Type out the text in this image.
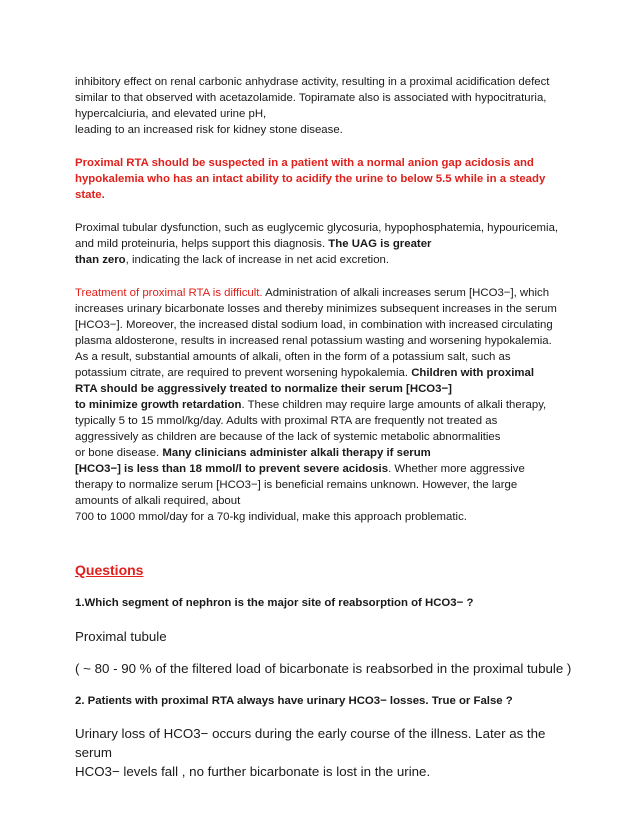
inhibitory effect on renal carbonic anhydrase activity, resulting in a proximal acidification defect

similar to that observed with acetazolamide. Topiramate also is associated with hypocitraturia,

hypercalciuria, and elevated urine pH,

leading to an increased risk for kidney stone disease.

Proximal RTA should be suspected in a patient with a normal anion gap acidosis and

hypokalemia who has an intact ability to acidify the urine to below 5.5 while in a steady

state.

Proximal tubular dysfunction, such as euglycemic glycosuria, hypophosphatemia, hypouricemia,

and mild proteinuria, helps support this diagnosis. The UAG is greater

than zero, indicating the lack of increase in net acid excretion.

Treatment of proximal RTA is difficult. Administration of alkali increases serum [HCO3−], which

increases urinary bicarbonate losses and thereby minimizes subsequent increases in the serum

[HCO3−]. Moreover, the increased distal sodium load, in combination with increased circulating

plasma aldosterone, results in increased renal potassium wasting and worsening hypokalemia.

As a result, substantial amounts of alkali, often in the form of a potassium salt, such as

potassium citrate, are required to prevent worsening hypokalemia. Children with proximal

RTA should be aggressively treated to normalize their serum [HCO3−]

to minimize growth retardation. These children may require large amounts of alkali therapy,

typically 5 to 15 mmol/kg/day. Adults with proximal RTA are frequently not treated as

aggressively as children are because of the lack of systemic metabolic abnormalities

or bone disease. Many clinicians administer alkali therapy if serum

[HCO3−] is less than 18 mmol/l to prevent severe acidosis. Whether more aggressive

therapy to normalize serum [HCO3−] is beneficial remains unknown. However, the large

amounts of alkali required, about

700 to 1000 mmol/day for a 70-kg individual, make this approach problematic.

Questions

1.Which segment of nephron is the major site of reabsorption of HCO3− ?

Proximal tubule

( ~ 80 - 90 % of the filtered load of bicarbonate is reabsorbed in the proximal tubule )

2. Patients with proximal RTA always have urinary HCO3− losses. True or False ?

Urinary loss of HCO3− occurs during the early course of the illness. Later as the serum

HCO3− levels fall , no further bicarbonate is lost in the urine.
